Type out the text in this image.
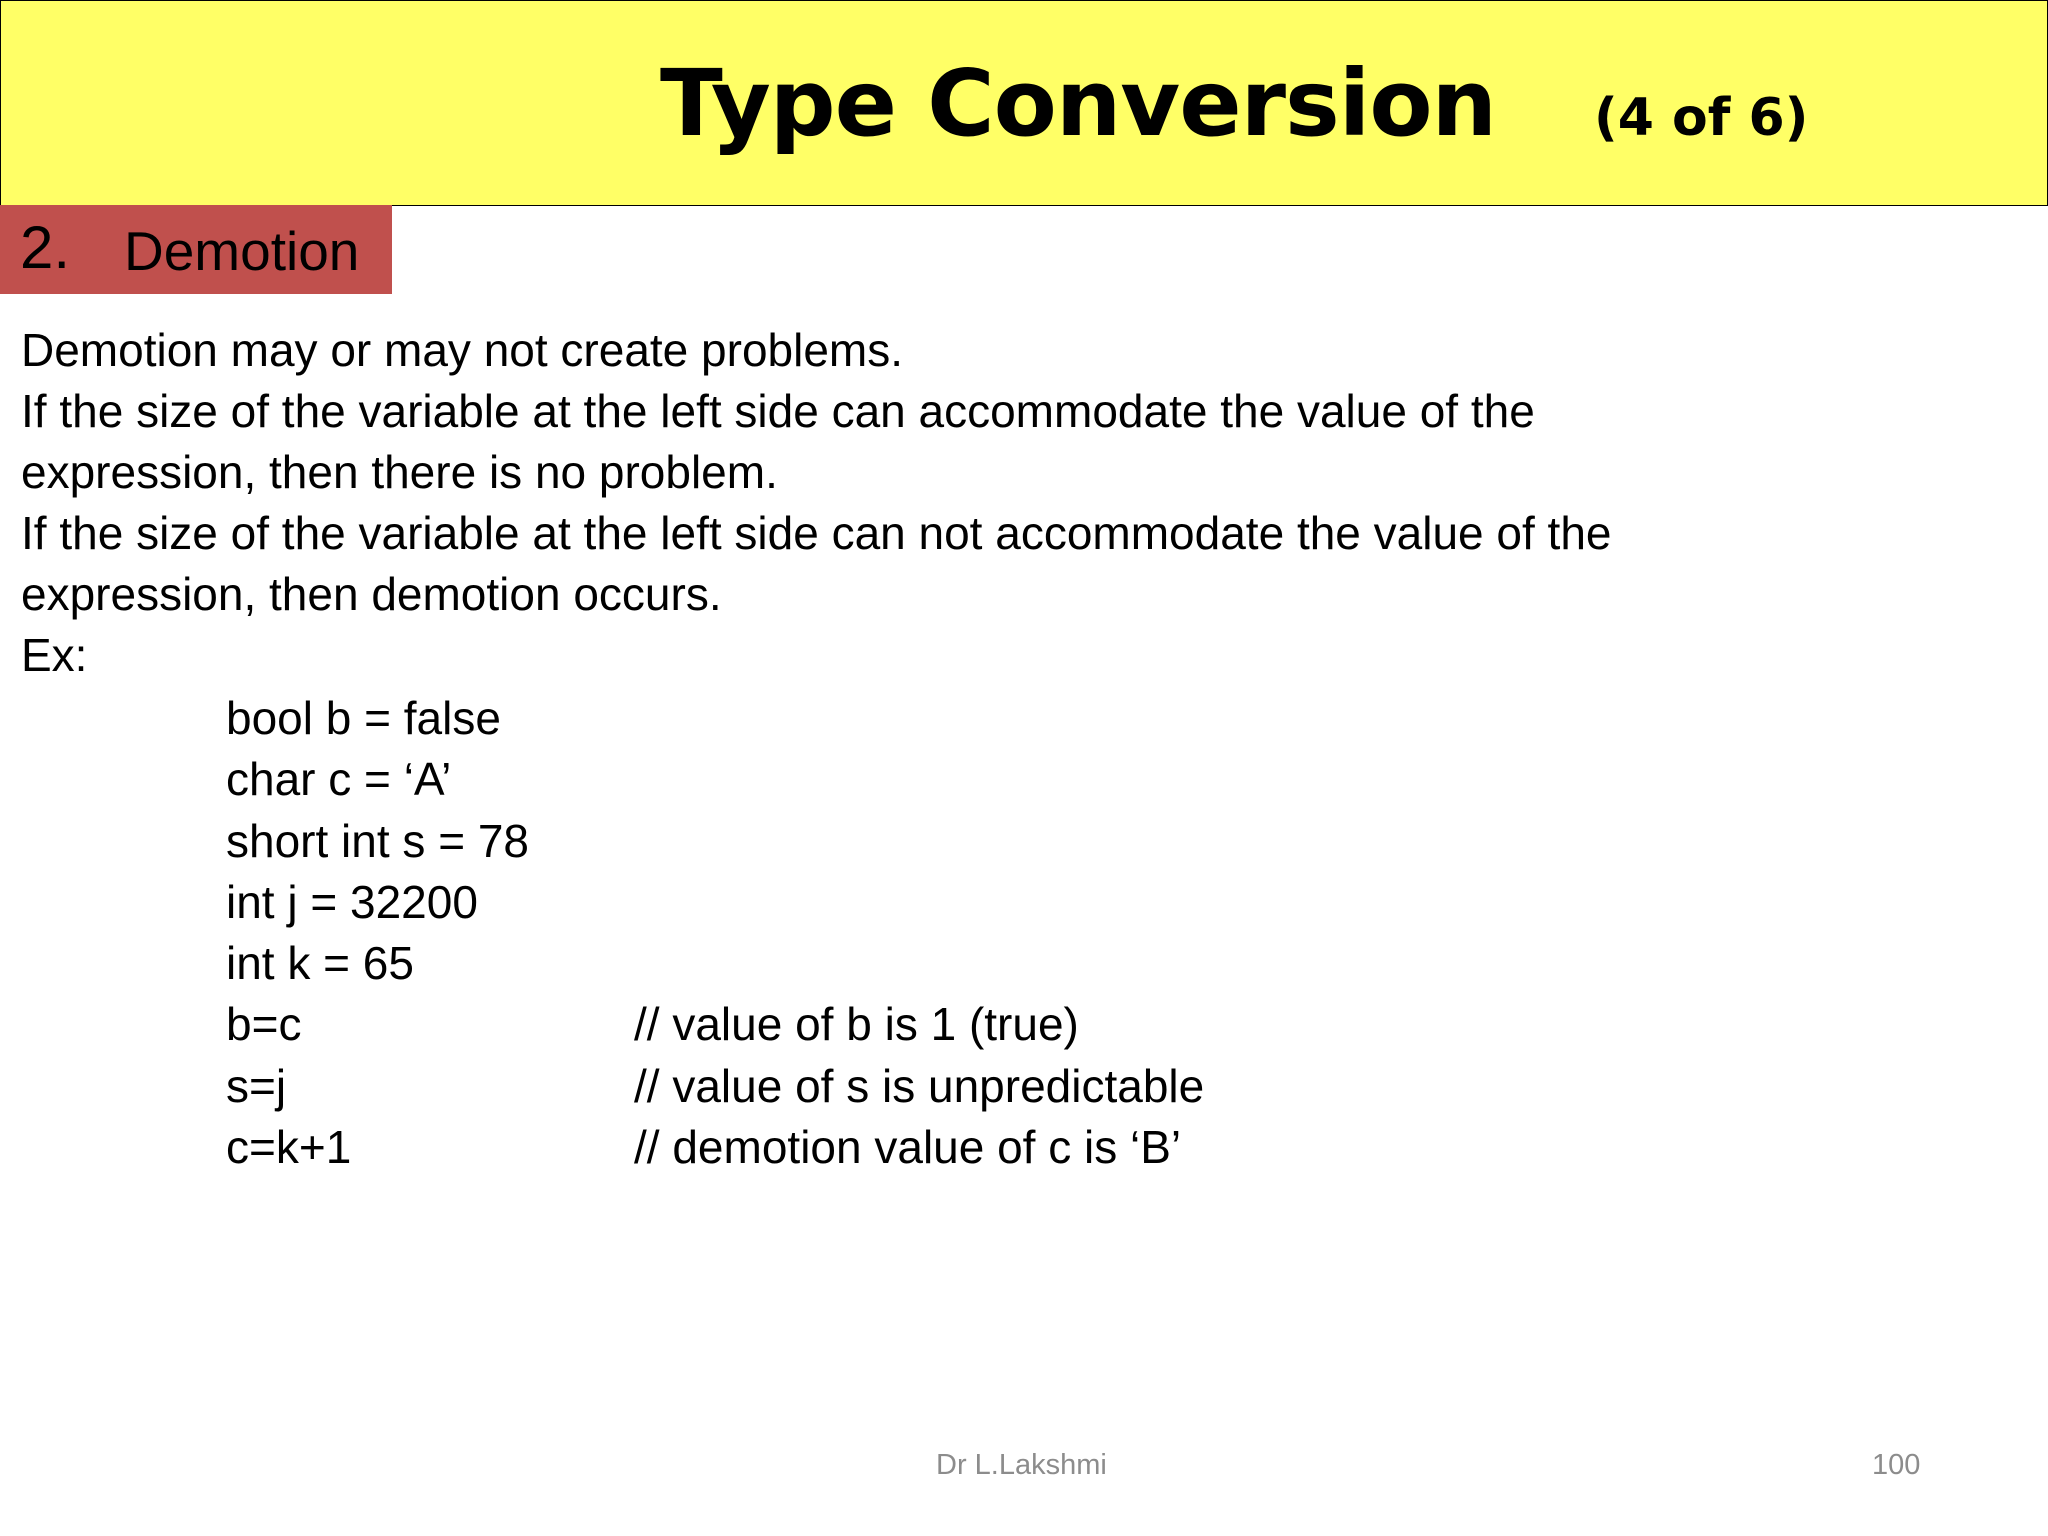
Type Conversion (4 of 6)
2. Demotion
Demotion may or may not create problems.
If the size of the variable at the left side can accommodate the value of the
expression, then there is no problem.
If the size of the variable at the left side can not accommodate the value of the
expression, then demotion occurs.
Ex:
bool b = false
char c = ‘A’
short int s = 78
int j = 32200
int k = 65
b=c	// value of b is 1 (true)
s=j	// value of s is unpredictable
c=k+1	// demotion value of c is ‘B’
Dr L.Lakshmi	100
